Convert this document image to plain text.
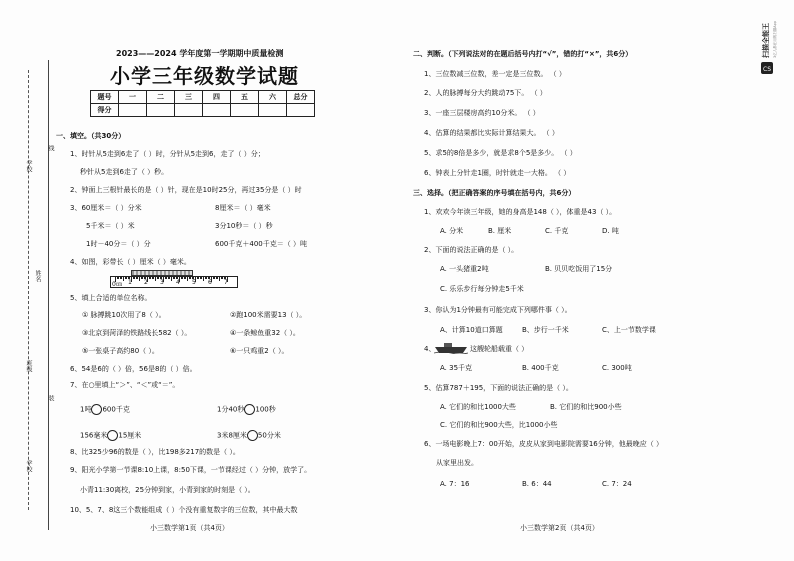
学校
姓名
班级
学校
线
装
2023——2024 学年度第一学期期中质量检测
小学三年级数学试题
题号	一	二	三	四	五	六	总分
得分							
一、填空。（共30分）
1、时针从5走到6走了（ ）时，分针从5走到6，走了（ ）分；
秒针从5走到6走了（ ）秒。
2、钟面上三根针最长的是（ ）针，现在是10时25分，再过35分是（ ）时
3、60厘米＝（ ）分米	8厘米＝（ ）毫米
5千米＝（ ）米	3分10秒＝（ ）秒
1时－40分＝（ ）分	600千克＋400千克＝（ ）吨
4、如图，彩带长（ ）厘米（ ）毫米。
0㎝ 1 2 3 4 5 6 7
5、填上合适的单位名称。
① 脉搏跳10次用了8（ ）。	②跑100米需要13（ ）。
③北京到菏泽的铁路线长582（ ）。	④一条鲸鱼重32（ ）。
⑤一张桌子高约80（ ）。	⑥一只鸡重2（ ）。
6、54是6的（ ）倍，56是8的（ ）倍。
7、在○里填上“＞”、“＜”或“＝”。
1吨 600千克	1分40秒 100秒
156毫米 15厘米	3米8厘米 50分米
8、比325少96的数是（ ），比198多217的数是（ ）。
9、阳光小学第一节课8:10上课，8:50下课，一节课经过（ ）分钟，放学了。
小青11:30离校，25分钟到家，小青到家的时刻是（ ）。
10、5、7、8这三个数能组成（ ）个没有重复数字的三位数，其中最大数
小三数学第1页（共4页）
二、判断。（下列说法对的在题后括号内打“√”，错的打“×”，共6分）
1、三位数减三位数，差一定是三位数。 （ ）
2、人的脉搏每分大约跳动75下。 （ ）
3、一座三层楼房高约10分米。 （ ）
4、估算的结果都比实际计算结果大。 （ ）
5、求5的8倍是多少，就是求8个5是多少。 （ ）
6、钟表上分针走1圈，时针就走一大格。 （ ）
三、选择。（把正确答案的序号填在括号内，共6分）
1、欢欢今年读三年级，她的身高是148（ ），体重是43（ ）。
A. 分米	B. 厘米	C. 千克	D. 吨
2、下面的说法正确的是（ ）。
A. 一头猪重2吨	B. 贝贝吃饭用了15分
C. 乐乐步行每分钟走5千米
3、你认为1分钟最有可能完成下列哪件事（ ）。
A、计算10道口算题	B、步行一千米	C、上一节数学课
4、	这艘轮船载重（ ）
A. 35千克	B. 400千克	C. 300吨
5、估算787＋195，下面的说法正确的是（ ）。
A. 它们的和比1000大些	B. 它们的和比900小些
C. 它们的和比900大些，比1000小些
6、一场电影晚上7：00开始，皮皮从家到电影院需要16分钟，他最晚应（ ）
从家里出发。
A. 7：16	B. 6：44	C. 7：24
小三数学第2页（共4页）
CS
扫描全能王 3亿人都在用的扫描App
